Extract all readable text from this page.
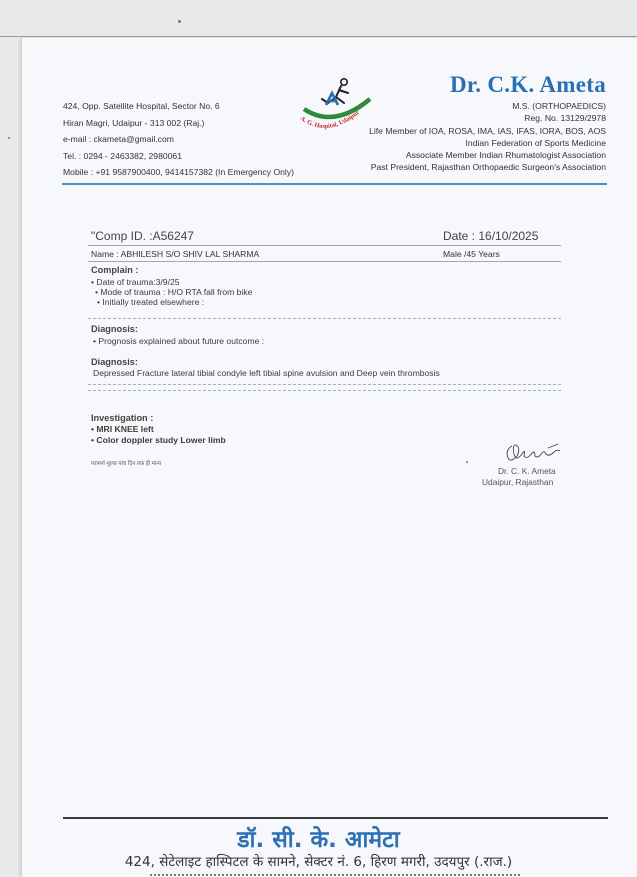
424, Opp. Satellite Hospital, Sector No. 6
Hiran Magri, Udaipur - 313 002 (Raj.)
e-mail : ckameta@gmail.com
Tel. : 0294 - 2463382, 2980061
Mobile : +91 9587900400, 9414157382 (In Emergency Only)
A. G. Hospital, Udaipur
Dr. C.K. Ameta
M.S. (ORTHOPAEDICS)
Reg. No. 13129/2978
Life Member of IOA, ROSA, IMA, IAS, IFAS, IORA, BOS, AOS
Indian Federation of Sports Medicine
Associate Member Indian Rhumatologist Association
Past President, Rajasthan Orthopaedic Surgeon's Association
"Comp ID. :A56247	Date : 16/10/2025
Name : ABHILESH S/O SHIV LAL SHARMA	Male /45 Years
Complain :
• Date of trauma:3/9/25
• Mode of trauma : H/O RTA fall from bike
• Initially treated elsewhere :
Diagnosis:
• Prognosis explained about future outcome :
Diagnosis:
Depressed Fracture lateral tibial condyle left tibial spine avulsion and Deep vein thrombosis
Investigation :
• MRI KNEE left
• Color doppler study Lower limb
परामर्श शुल्क पांच दिन तक ही मान्य
Dr. C. K. Ameta
Udaipur, Rajasthan
डॉ. सी. के. आमेटा
424, सेटेलाइट हास्पिटल के सामने, सेक्टर नं. 6, हिरण मगरी, उदयपुर (.राज.)
